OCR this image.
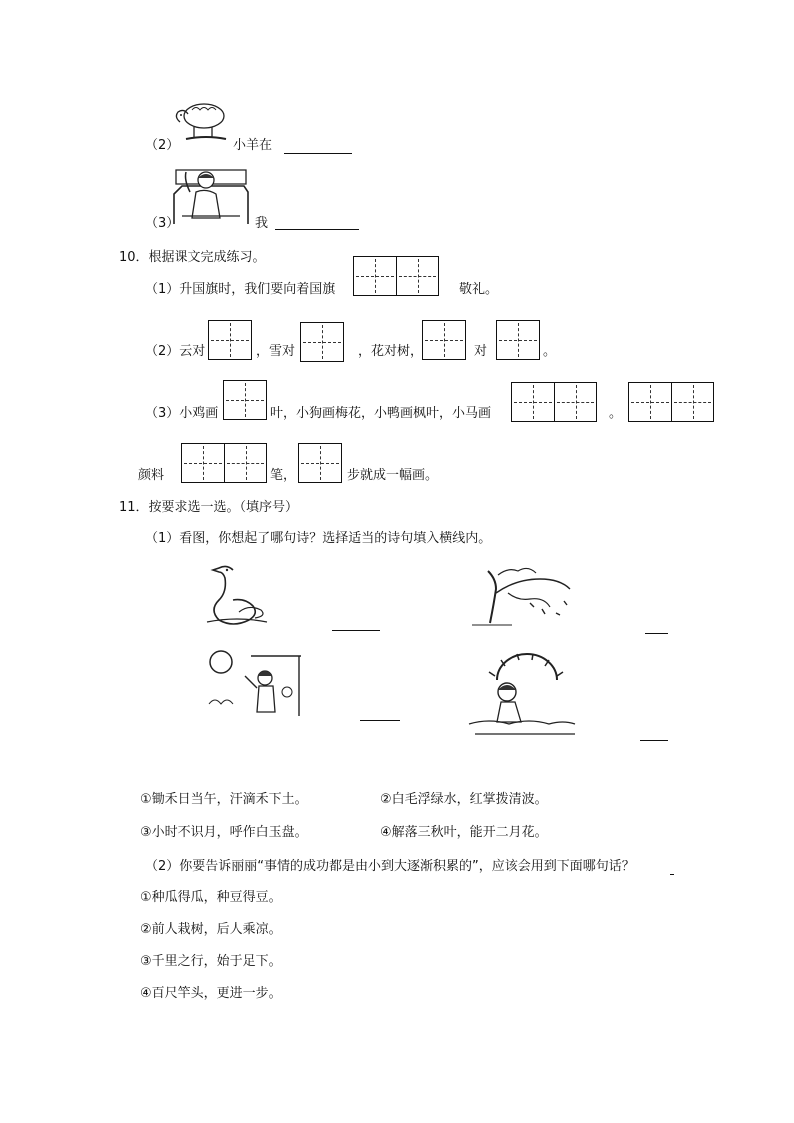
（2）	小羊在
（3）	我
10．根据课文完成练习。
（1）升国旗时，我们要向着国旗	敬礼。
（2）云对	，雪对	，花对树，	对	。
（3）小鸡画	叶，小狗画梅花，小鸭画枫叶，小马画	。
颜料	笔，	步就成一幅画。
11．按要求选一选。（填序号）
（1）看图，你想起了哪句诗？选择适当的诗句填入横线内。
①锄禾日当午，汗滴禾下土。	②白毛浮绿水，红掌拨清波。
③小时不识月，呼作白玉盘。	④解落三秋叶，能开二月花。
（2）你要告诉丽丽“事情的成功都是由小到大逐渐积累的”，应该会用到下面哪句话？
①种瓜得瓜，种豆得豆。
②前人栽树，后人乘凉。
③千里之行，始于足下。
④百尺竿头，更进一步。
